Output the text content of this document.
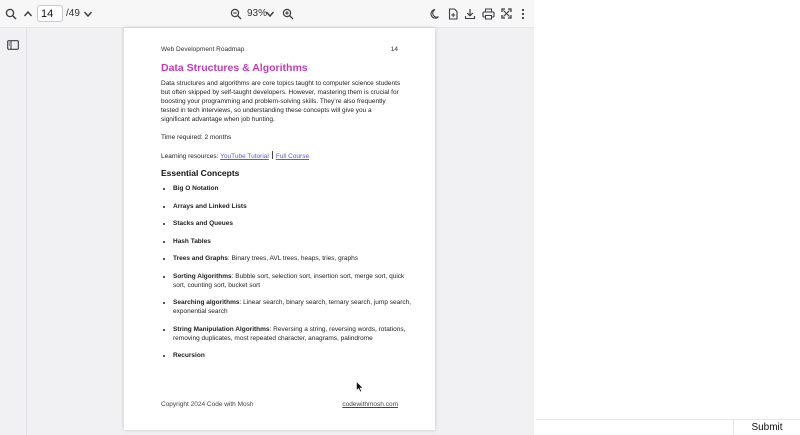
14
/49	93%
Web Development Roadmap	14
Data Structures & Algorithms
Data structures and algorithms are core topics taught to computer science students but often skipped by self-taught developers. However, mastering them is crucial for boosting your programming and problem-solving skills. They’re also frequently tested in tech interviews, so understanding these concepts will give you a significant advantage when job hunting.
Time required: 2 months
Learning resources: YouTube Tutorial Full Course
Essential Concepts
• Big O Notation
• Arrays and Linked Lists
• Stacks and Queues
• Hash Tables
• Trees and Graphs: Binary trees, AVL trees, heaps, tries, graphs
• Sorting Algorithms: Bubble sort, selection sort, insertion sort, merge sort, quick sort, counting sort, bucket sort
• Searching algorithms: Linear search, binary search, ternary search, jump search, exponential search
• String Manipulation Algorithms: Reversing a string, reversing words, rotations, removing duplicates, most repeated character, anagrams, palindrome
• Recursion
Copyright 2024 Code with Mosh	codewithmosh.com
Submit
